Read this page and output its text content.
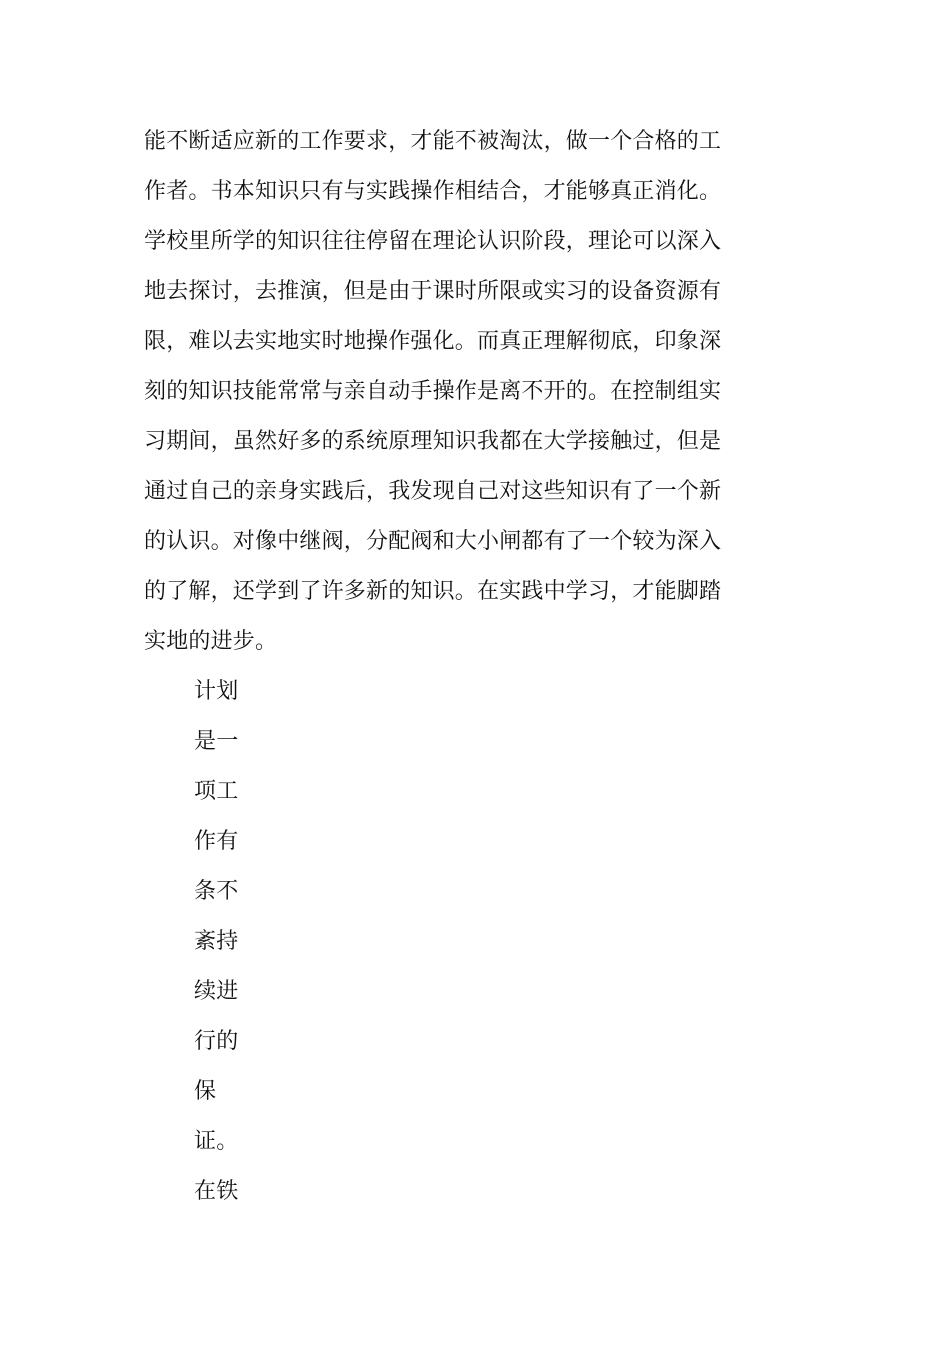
能不断适应新的工作要求，才能不被淘汰，做一个合格的工
作者。书本知识只有与实践操作相结合，才能够真正消化。
学校里所学的知识往往停留在理论认识阶段，理论可以深入
地去探讨，去推演，但是由于课时所限或实习的设备资源有
限，难以去实地实时地操作强化。而真正理解彻底，印象深
刻的知识技能常常与亲自动手操作是离不开的。在控制组实
习期间，虽然好多的系统原理知识我都在大学接触过，但是
通过自己的亲身实践后，我发现自己对这些知识有了一个新
的认识。对像中继阀，分配阀和大小闸都有了一个较为深入
的了解，还学到了许多新的知识。在实践中学习，才能脚踏
实地的进步。
计划
是一
项工
作有
条不
紊持
续进
行的
保
证。
在铁
